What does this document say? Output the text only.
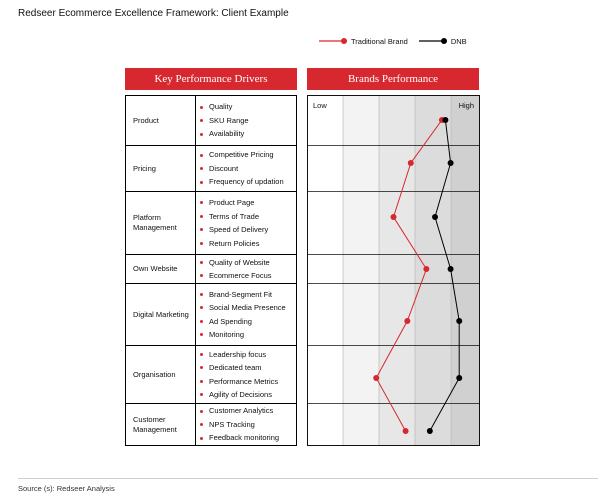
Redseer Ecommerce Excellence Framework: Client Example
Traditional Brand	DNB
Key Performance Drivers	Brands Performance
Product
Quality
SKU Range
Availability
Pricing
Competitive Pricing
Discount
Frequency of updation
Platform Management
Product Page
Terms of Trade
Speed of Delivery
Return Policies
Own Website
Quality of Website
Ecommerce Focus
Digital Marketing
Brand-Segment Fit
Social Media Presence
Ad Spending
Monitoring
Organisation
Leadership focus
Dedicated team
Performance Metrics
Agility of Decisions
Customer Management
Customer Analytics
NPS Tracking
Feedback monitoring
Low	High
Source (s): Redseer Analysis
